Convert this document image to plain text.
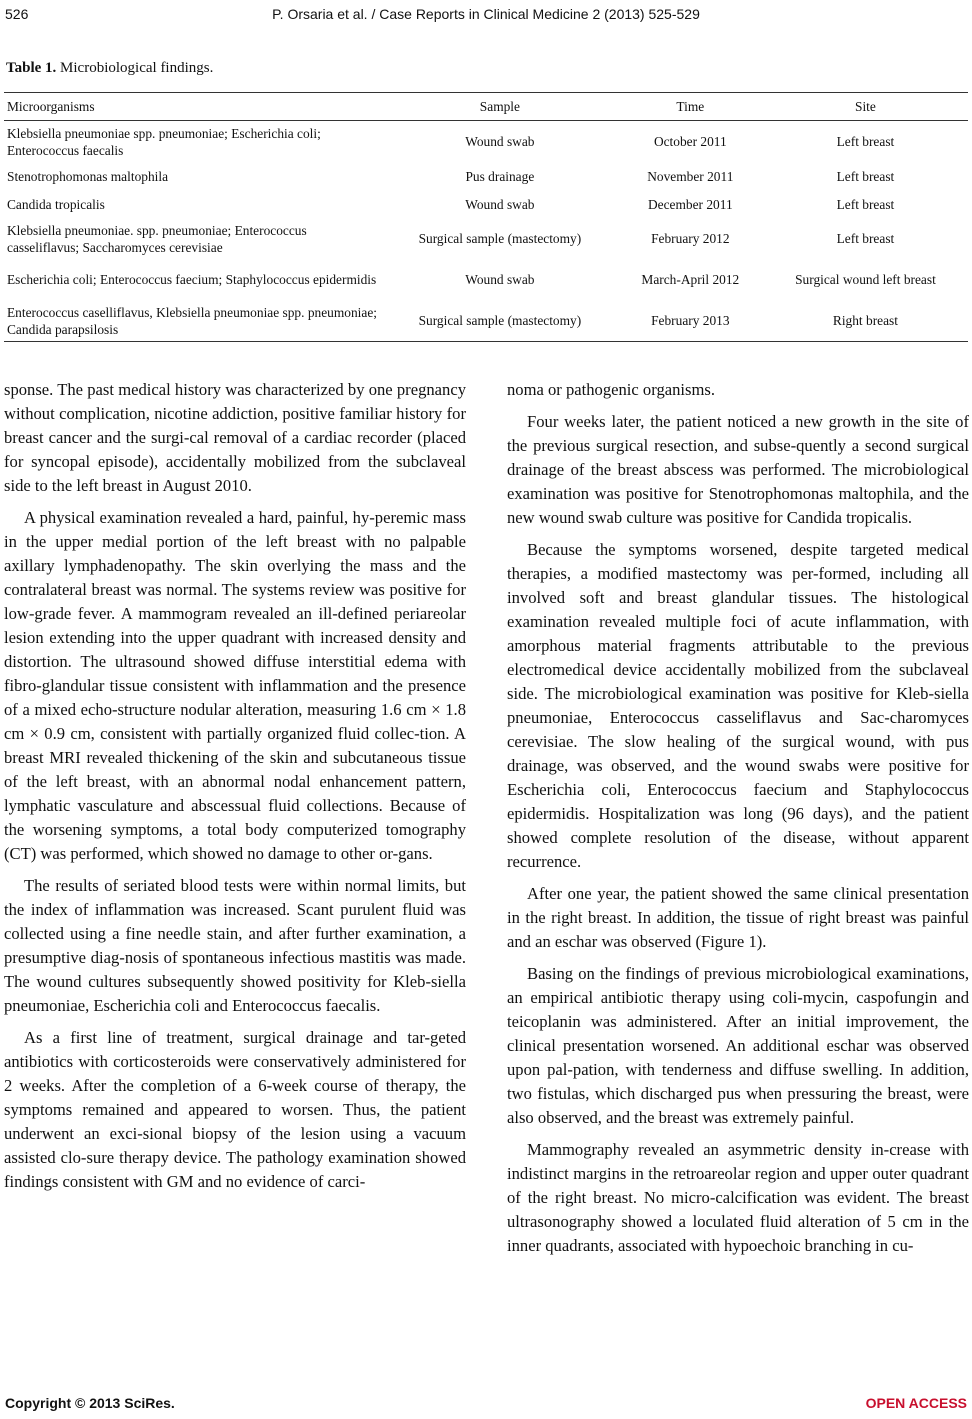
526	P. Orsaria et al. / Case Reports in Clinical Medicine 2 (2013) 525-529
Table 1. Microbiological findings.
Microorganisms	Sample	Time	Site
Klebsiella pneumoniae spp. pneumoniae; Escherichia coli; Enterococcus faecalis	Wound swab	October 2011	Left breast
Stenotrophomonas maltophila	Pus drainage	November 2011	Left breast
Candida tropicalis	Wound swab	December 2011	Left breast
Klebsiella pneumoniae. spp. pneumoniae; Enterococcus casseliflavus; Saccharomyces cerevisiae	Surgical sample (mastectomy)	February 2012	Left breast
Escherichia coli; Enterococcus faecium; Staphylococcus epidermidis	Wound swab	March-April 2012	Surgical wound left breast
Enterococcus caselliflavus, Klebsiella pneumoniae spp. pneumoniae; Candida parapsilosis	Surgical sample (mastectomy)	February 2013	Right breast

sponse. The past medical history was characterized by one pregnancy without complication, nicotine addiction, positive familiar history for breast cancer and the surgi-cal removal of a cardiac recorder (placed for syncopal episode), accidentally mobilized from the subclaveal side to the left breast in August 2010.

A physical examination revealed a hard, painful, hy-peremic mass in the upper medial portion of the left breast with no palpable axillary lymphadenopathy. The skin overlying the mass and the contralateral breast was normal. The systems review was positive for low-grade fever. A mammogram revealed an ill-defined periareolar lesion extending into the upper quadrant with increased density and distortion. The ultrasound showed diffuse interstitial edema with fibro-glandular tissue consistent with inflammation and the presence of a mixed echo-structure nodular alteration, measuring 1.6 cm × 1.8 cm × 0.9 cm, consistent with partially organized fluid collec-tion. A breast MRI revealed thickening of the skin and subcutaneous tissue of the left breast, with an abnormal nodal enhancement pattern, lymphatic vasculature and abscessual fluid collections. Because of the worsening symptoms, a total body computerized tomography (CT) was performed, which showed no damage to other or-gans.

The results of seriated blood tests were within normal limits, but the index of inflammation was increased. Scant purulent fluid was collected using a fine needle stain, and after further examination, a presumptive diag-nosis of spontaneous infectious mastitis was made. The wound cultures subsequently showed positivity for Kleb-siella pneumoniae, Escherichia coli and Enterococcus faecalis.

As a first line of treatment, surgical drainage and tar-geted antibiotics with corticosteroids were conservatively administered for 2 weeks. After the completion of a 6-week course of therapy, the symptoms remained and appeared to worsen. Thus, the patient underwent an exci-sional biopsy of the lesion using a vacuum assisted clo-sure therapy device. The pathology examination showed findings consistent with GM and no evidence of carci-

noma or pathogenic organisms.

Four weeks later, the patient noticed a new growth in the site of the previous surgical resection, and subse-quently a second surgical drainage of the breast abscess was performed. The microbiological examination was positive for Stenotrophomonas maltophila, and the new wound swab culture was positive for Candida tropicalis.

Because the symptoms worsened, despite targeted medical therapies, a modified mastectomy was per-formed, including all involved soft and breast glandular tissues. The histological examination revealed multiple foci of acute inflammation, with amorphous material fragments attributable to the previous electromedical device accidentally mobilized from the subclaveal side. The microbiological examination was positive for Kleb-siella pneumoniae, Enterococcus casseliflavus and Sac-charomyces cerevisiae. The slow healing of the surgical wound, with pus drainage, was observed, and the wound swabs were positive for Escherichia coli, Enterococcus faecium and Staphylococcus epidermidis. Hospitalization was long (96 days), and the patient showed complete resolution of the disease, without apparent recurrence.

After one year, the patient showed the same clinical presentation in the right breast. In addition, the tissue of right breast was painful and an eschar was observed (Figure 1).

Basing on the findings of previous microbiological examinations, an empirical antibiotic therapy using coli-mycin, caspofungin and teicoplanin was administered. After an initial improvement, the clinical presentation worsened. An additional eschar was observed upon pal-pation, with tenderness and diffuse swelling. In addition, two fistulas, which discharged pus when pressuring the breast, were also observed, and the breast was extremely painful.

Mammography revealed an asymmetric density in-crease with indistinct margins in the retroareolar region and upper outer quadrant of the right breast. No micro-calcification was evident. The breast ultrasonography showed a loculated fluid alteration of 5 cm in the inner quadrants, associated with hypoechoic branching in cu-

Copyright © 2013 SciRes.	OPEN ACCESS
